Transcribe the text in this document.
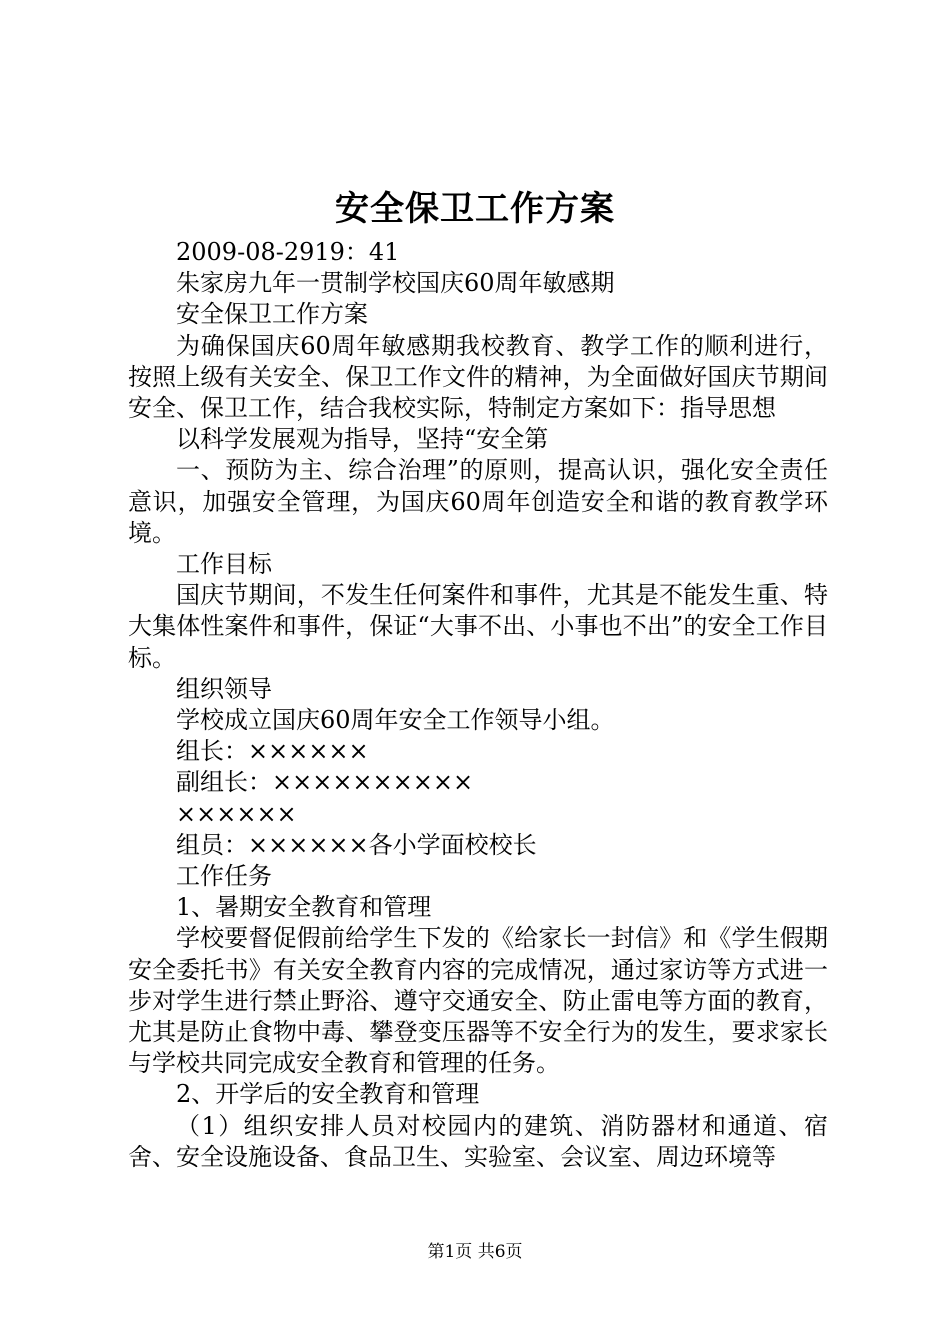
安全保卫工作方案

2009-08-2919：41

朱家房九年一贯制学校国庆60周年敏感期

安全保卫工作方案

为确保国庆60周年敏感期我校教育、教学工作的顺利进行，按照上级有关安全、保卫工作文件的精神，为全面做好国庆节期间安全、保卫工作，结合我校实际，特制定方案如下：指导思想

以科学发展观为指导，坚持“安全第

一、预防为主、综合治理”的原则，提高认识，强化安全责任意识，加强安全管理，为国庆60周年创造安全和谐的教育教学环境。

工作目标

国庆节期间，不发生任何案件和事件，尤其是不能发生重、特大集体性案件和事件，保证“大事不出、小事也不出”的安全工作目标。

组织领导

学校成立国庆60周年安全工作领导小组。

组长：××××××

副组长：××××××××××

××××××

组员：××××××各小学面校校长

工作任务

1、暑期安全教育和管理

学校要督促假前给学生下发的《给家长一封信》和《学生假期安全委托书》有关安全教育内容的完成情况，通过家访等方式进一步对学生进行禁止野浴、遵守交通安全、防止雷电等方面的教育，尤其是防止食物中毒、攀登变压器等不安全行为的发生，要求家长与学校共同完成安全教育和管理的任务。

2、开学后的安全教育和管理

（1）组织安排人员对校园内的建筑、消防器材和通道、宿舍、安全设施设备、食品卫生、实验室、会议室、周边环境等

第1页 共6页
